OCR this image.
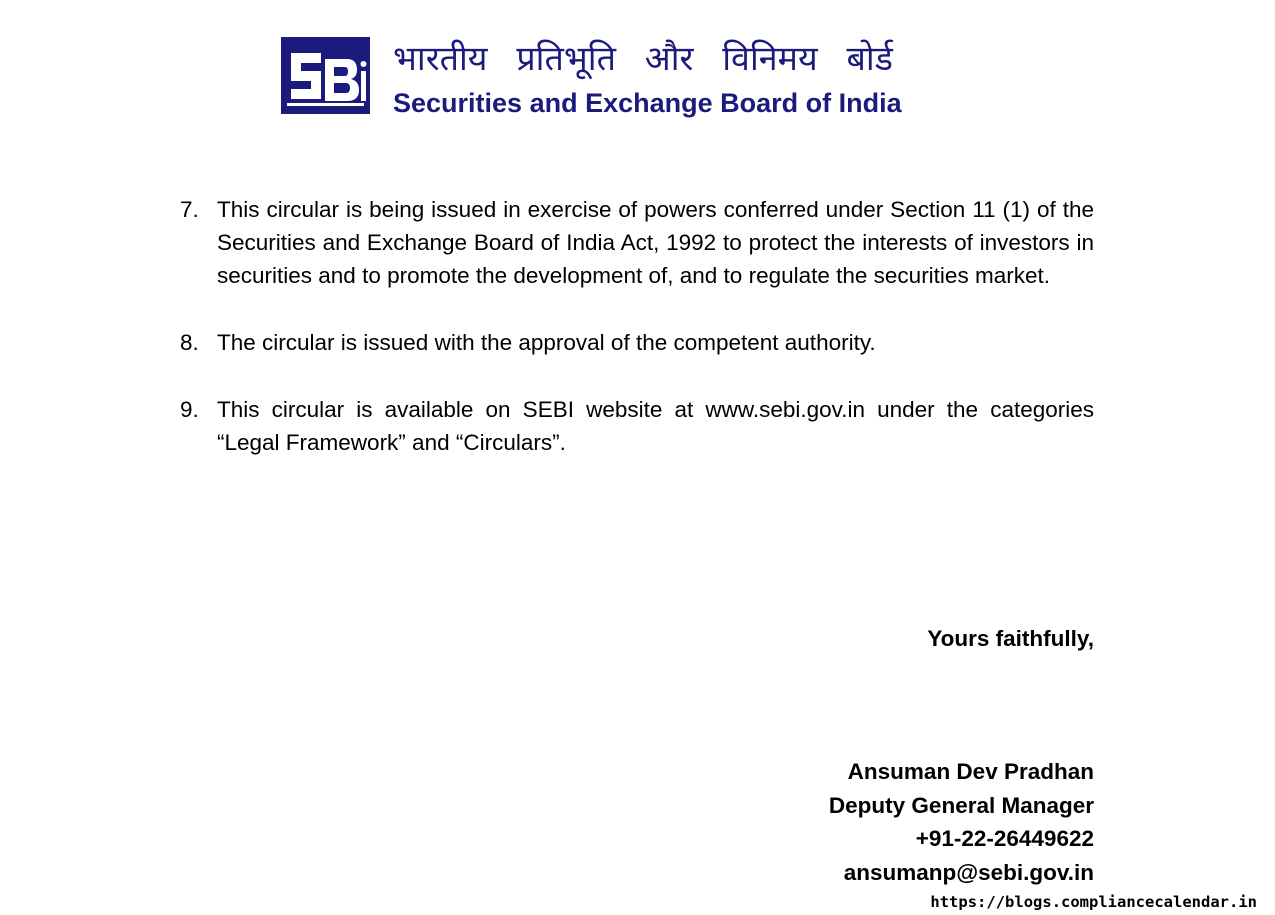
भारतीय प्रतिभूति और विनिमय बोर्ड
Securities and Exchange Board of India
7. This circular is being issued in exercise of powers conferred under Section 11 (1) of the Securities and Exchange Board of India Act, 1992 to protect the interests of investors in securities and to promote the development of, and to regulate the securities market.
8. The circular is issued with the approval of the competent authority.
9. This circular is available on SEBI website at www.sebi.gov.in under the categories “Legal Framework” and “Circulars”.
Yours faithfully,
Ansuman Dev Pradhan
Deputy General Manager
+91-22-26449622
ansumanp@sebi.gov.in
https://blogs.compliancecalendar.in
